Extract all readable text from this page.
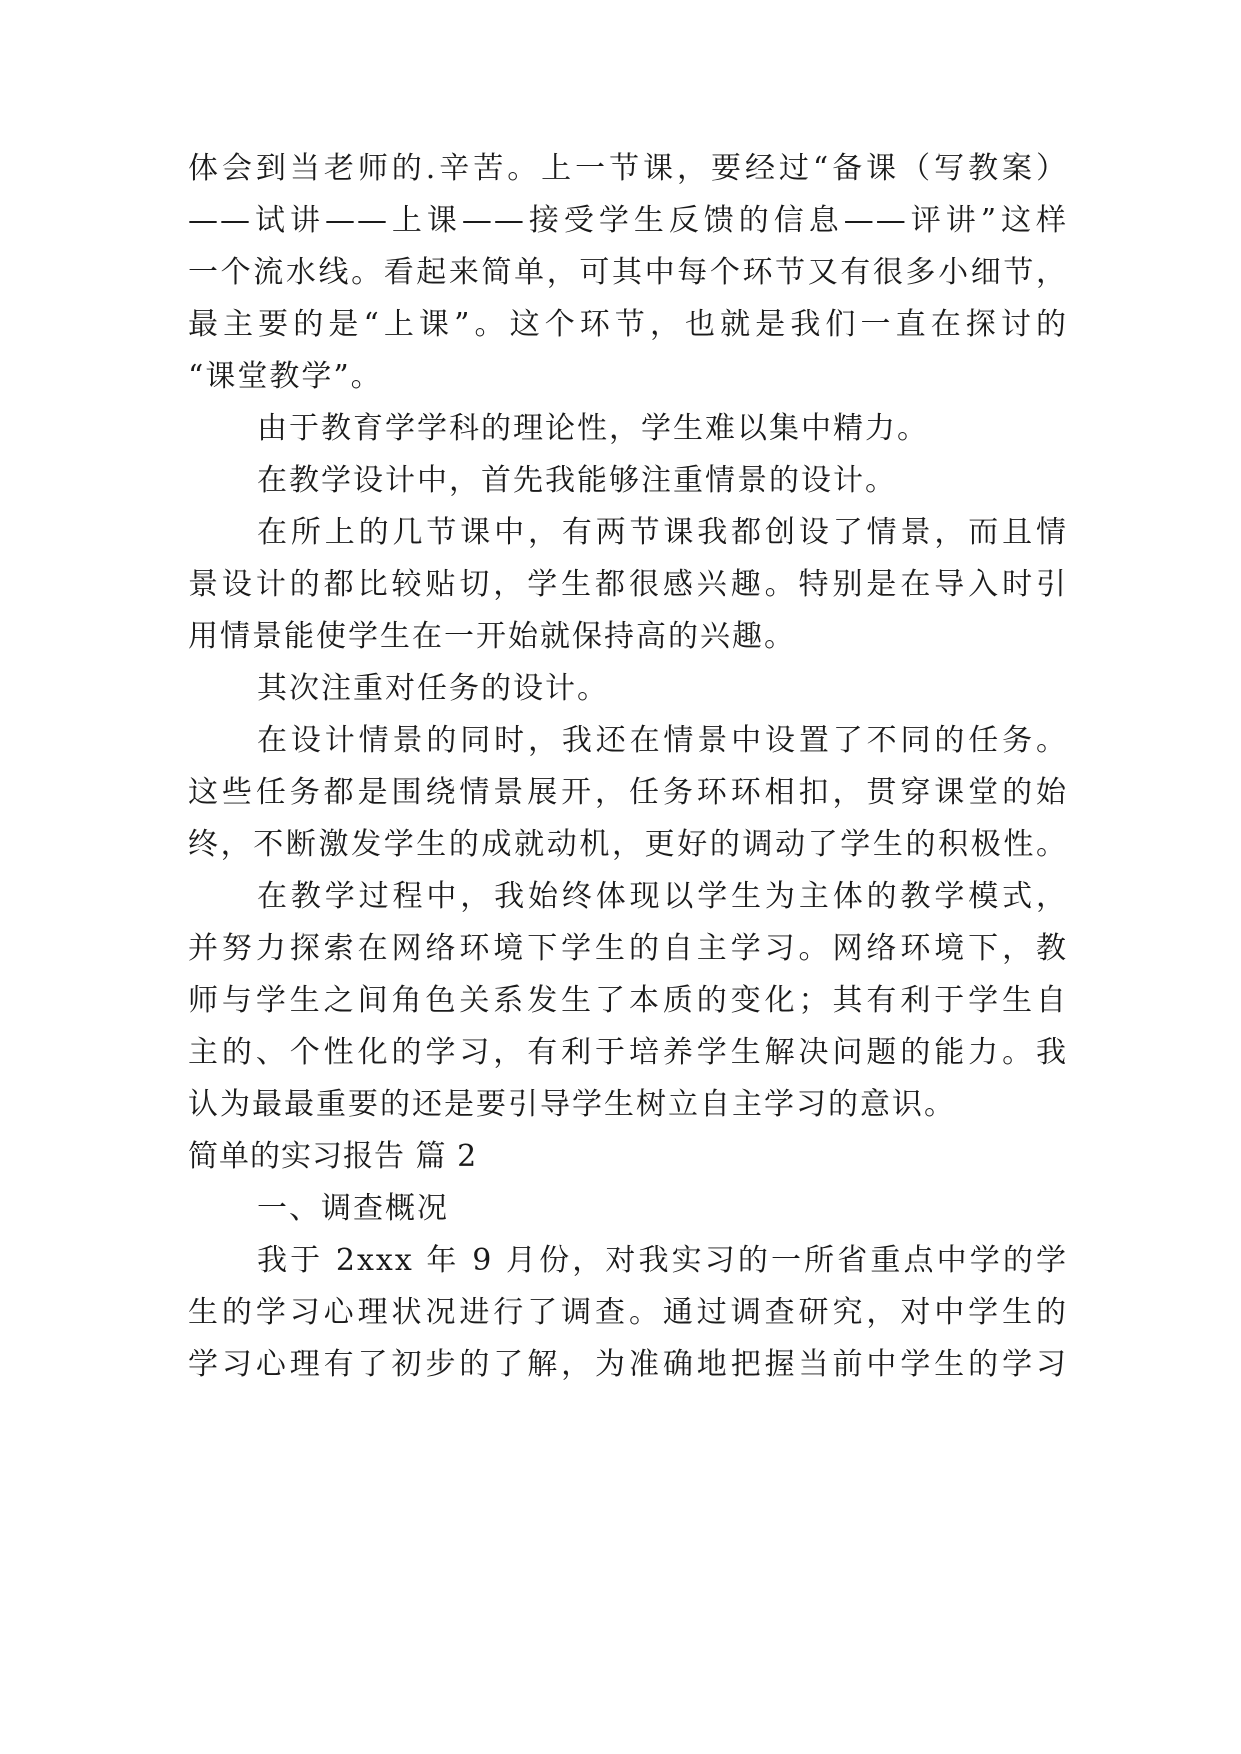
体会到当老师的.辛苦。上一节课，要经过“备课（写教案）
——试讲——上课——接受学生反馈的信息——评讲”这样
一个流水线。看起来简单，可其中每个环节又有很多小细节，
最主要的是“上课”。这个环节，也就是我们一直在探讨的
“课堂教学”。
由于教育学学科的理论性，学生难以集中精力。
在教学设计中，首先我能够注重情景的设计。
在所上的几节课中，有两节课我都创设了情景，而且情
景设计的都比较贴切，学生都很感兴趣。特别是在导入时引
用情景能使学生在一开始就保持高的兴趣。
其次注重对任务的设计。
在设计情景的同时，我还在情景中设置了不同的任务。
这些任务都是围绕情景展开，任务环环相扣，贯穿课堂的始
终，不断激发学生的成就动机，更好的调动了学生的积极性。
在教学过程中，我始终体现以学生为主体的教学模式，
并努力探索在网络环境下学生的自主学习。网络环境下，教
师与学生之间角色关系发生了本质的变化；其有利于学生自
主的、个性化的学习，有利于培养学生解决问题的能力。我
认为最最重要的还是要引导学生树立自主学习的意识。
简单的实习报告 篇 2
一、调查概况
我于 2xxx 年 9 月份，对我实习的一所省重点中学的学
生的学习心理状况进行了调查。通过调查研究，对中学生的
学习心理有了初步的了解，为准确地把握当前中学生的学习
